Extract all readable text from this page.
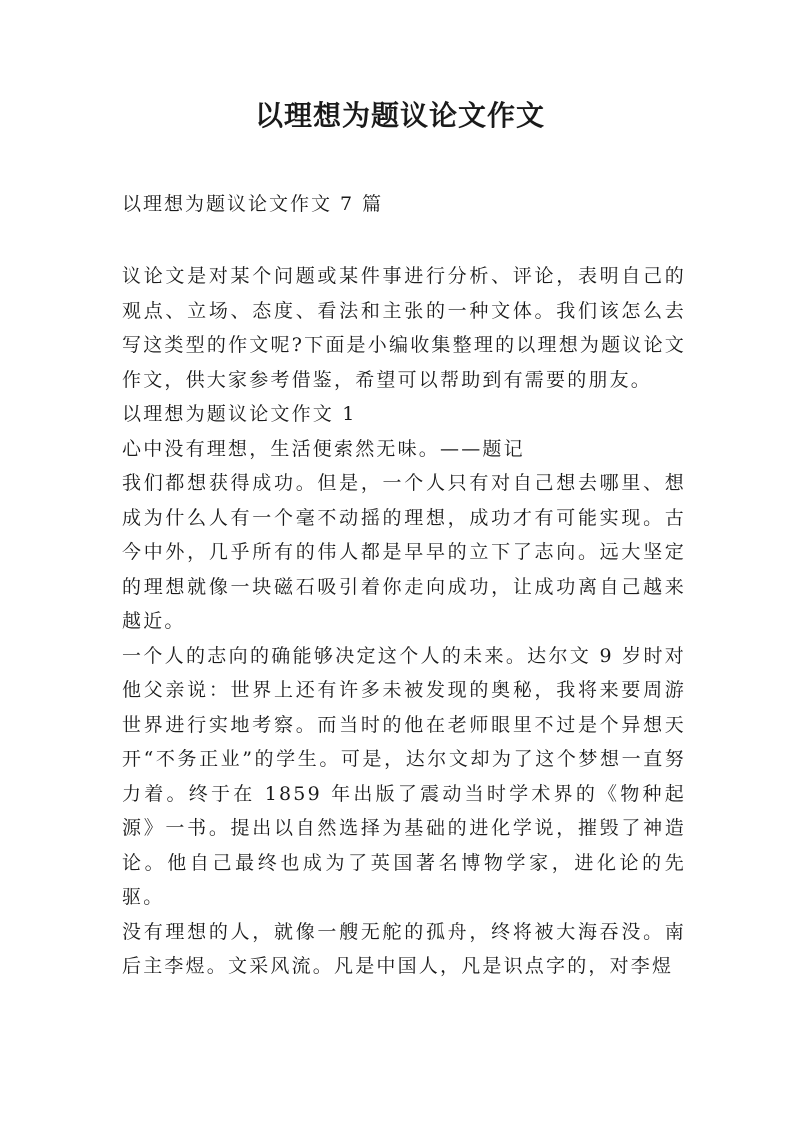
以理想为题议论文作文
以理想为题议论文作文 7 篇

议论文是对某个问题或某件事进行分析、评论，表明自己的观点、立场、态度、看法和主张的一种文体。我们该怎么去写这类型的作文呢?下面是小编收集整理的以理想为题议论文作文，供大家参考借鉴，希望可以帮助到有需要的朋友。

以理想为题议论文作文 1

心中没有理想，生活便索然无味。——题记

我们都想获得成功。但是，一个人只有对自己想去哪里、想成为什么人有一个毫不动摇的理想，成功才有可能实现。古今中外，几乎所有的伟人都是早早的立下了志向。远大坚定的理想就像一块磁石吸引着你走向成功，让成功离自己越来越近。

一个人的志向的确能够决定这个人的未来。达尔文 9 岁时对他父亲说：世界上还有许多未被发现的奥秘，我将来要周游世界进行实地考察。而当时的他在老师眼里不过是个异想天开“不务正业”的学生。可是，达尔文却为了这个梦想一直努力着。终于在 1859 年出版了震动当时学术界的《物种起源》一书。提出以自然选择为基础的进化学说，摧毁了神造论。他自己最终也成为了英国著名博物学家，进化论的先驱。

没有理想的人，就像一艘无舵的孤舟，终将被大海吞没。南后主李煜。文采风流。凡是中国人，凡是识点字的，对李煜
